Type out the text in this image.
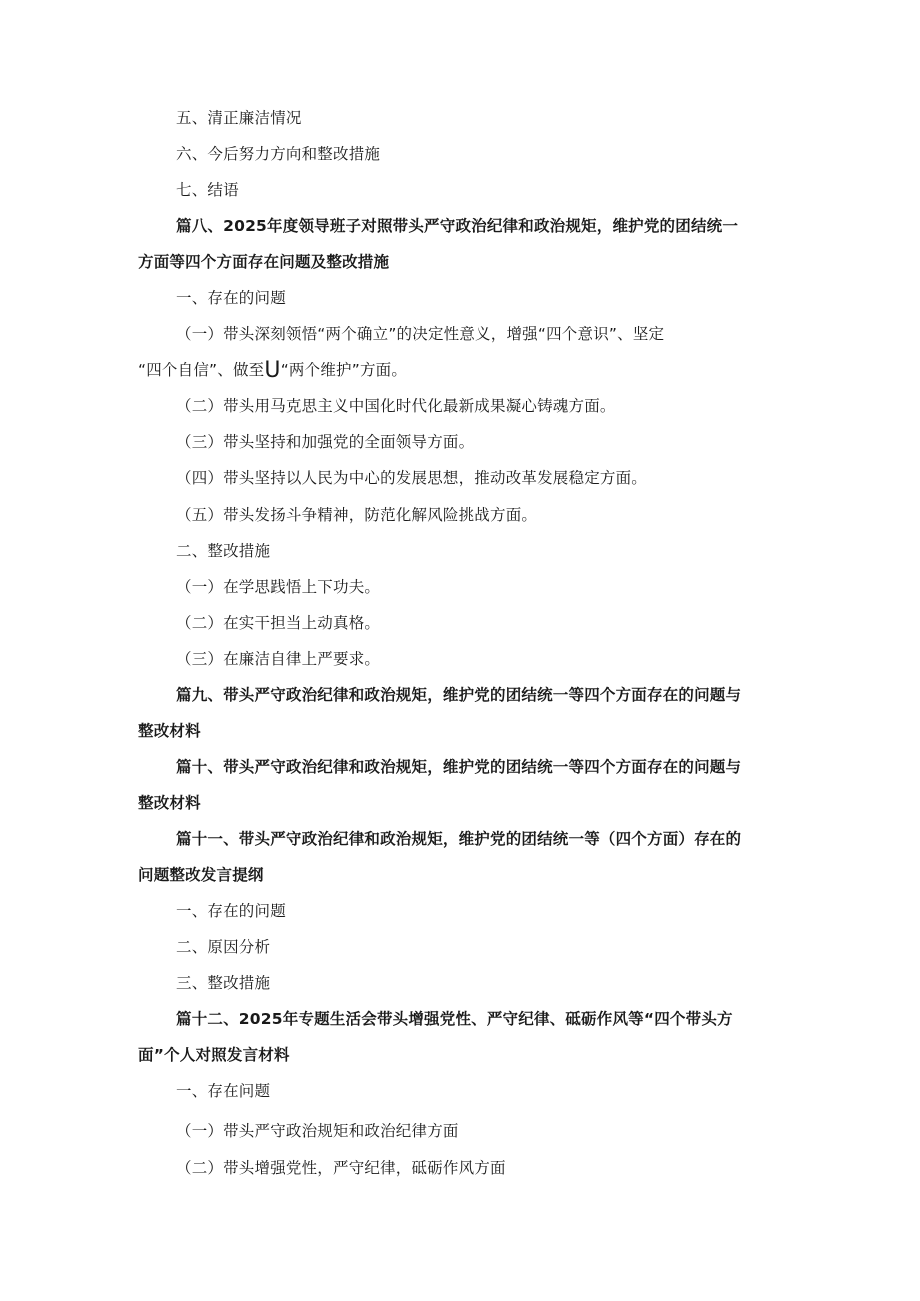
五、清正廉洁情况
六、今后努力方向和整改措施
七、结语
篇八、2025年度领导班子对照带头严守政治纪律和政治规矩，维护党的团结统一
方面等四个方面存在问题及整改措施
一、存在的问题
（一）带头深刻领悟“两个确立”的决定性意义，增强“四个意识”、坚定
“四个自信”、做至U“两个维护”方面。
（二）带头用马克思主义中国化时代化最新成果凝心铸魂方面。
（三）带头坚持和加强党的全面领导方面。
（四）带头坚持以人民为中心的发展思想，推动改革发展稳定方面。
（五）带头发扬斗争精神，防范化解风险挑战方面。
二、整改措施
（一）在学思践悟上下功夫。
（二）在实干担当上动真格。
（三）在廉洁自律上严要求。
篇九、带头严守政治纪律和政治规矩，维护党的团结统一等四个方面存在的问题与
整改材料
篇十、带头严守政治纪律和政治规矩，维护党的团结统一等四个方面存在的问题与
整改材料
篇十一、带头严守政治纪律和政治规矩，维护党的团结统一等（四个方面）存在的
问题整改发言提纲
一、存在的问题
二、原因分析
三、整改措施
篇十二、2025年专题生活会带头增强党性、严守纪律、砥砺作风等“四个带头方
面”个人对照发言材料
一、存在问题
（一）带头严守政治规矩和政治纪律方面
（二）带头增强党性，严守纪律，砥砺作风方面
